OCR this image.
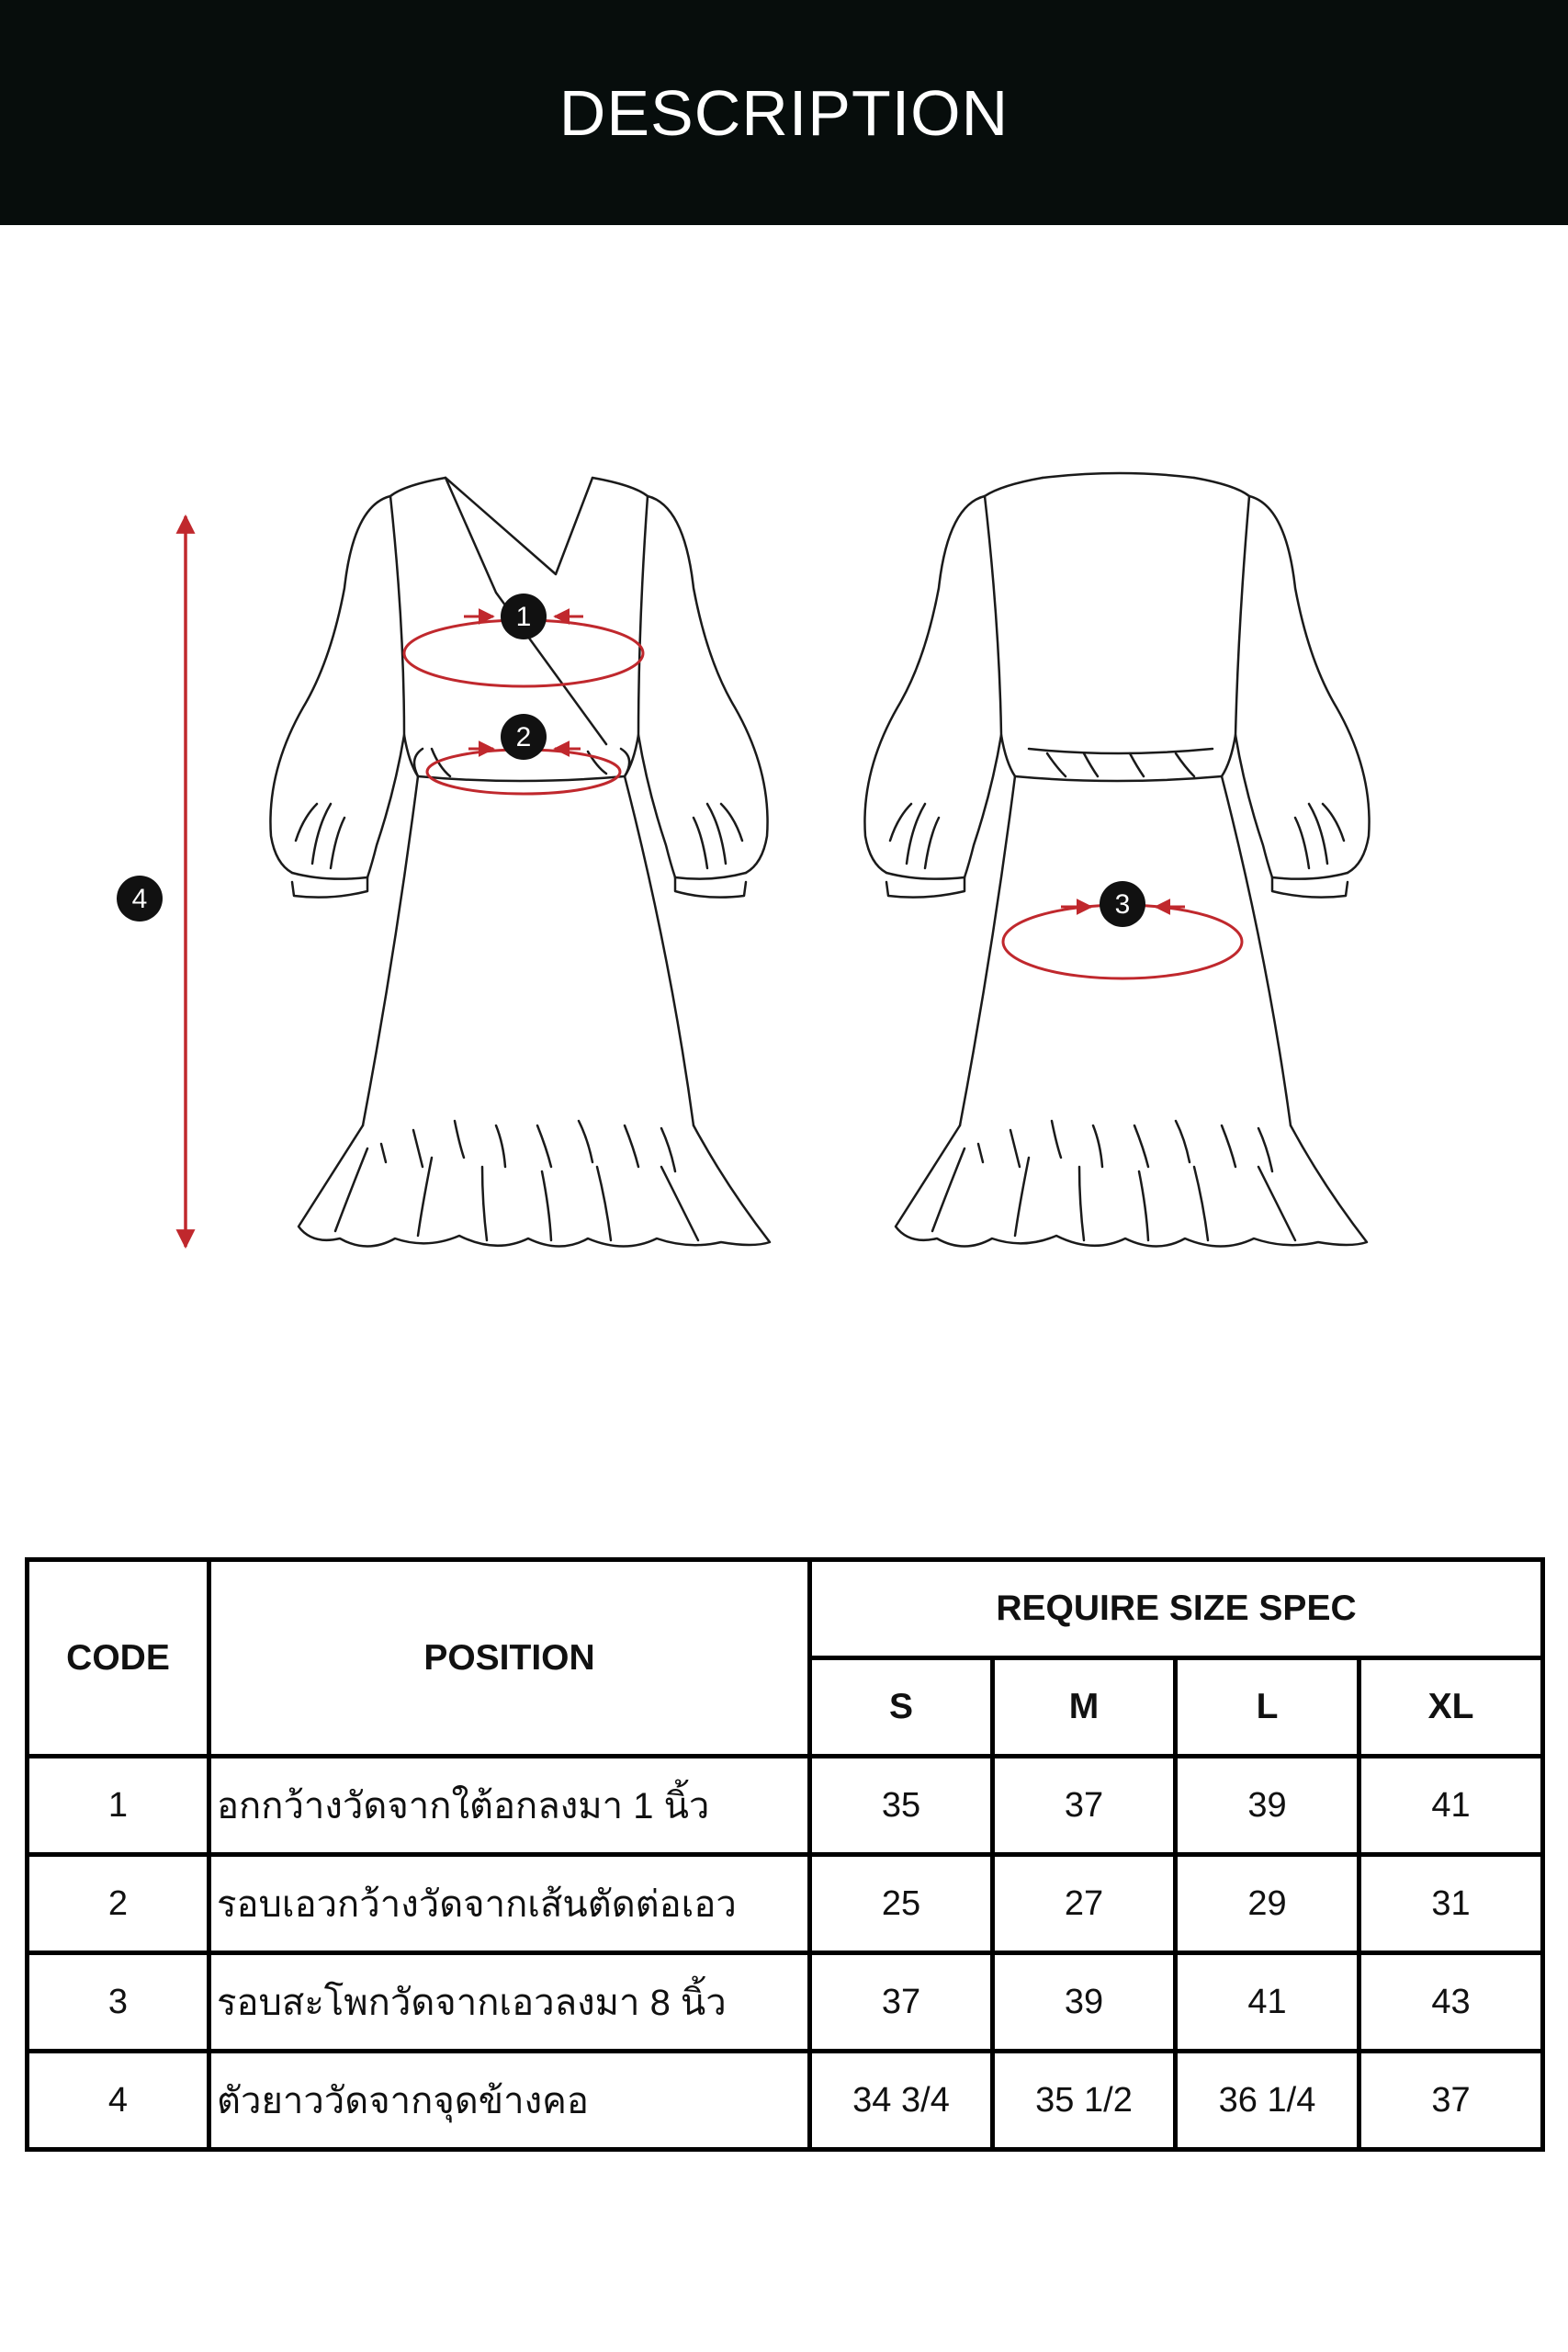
DESCRIPTION
1
2
4	3
CODE	POSITION	REQUIRE SIZE SPEC			
		S	M	L	XL
1	อกกว้างวัดจากใต้อกลงมา 1 นิ้ว	35	37	39	41
2	รอบเอวกว้างวัดจากเส้นตัดต่อเอว	25	27	29	31
3	รอบสะโพกวัดจากเอวลงมา 8 นิ้ว	37	39	41	43
4	ตัวยาววัดจากจุดข้างคอ	34 3/4	35 1/2	36 1/4	37
